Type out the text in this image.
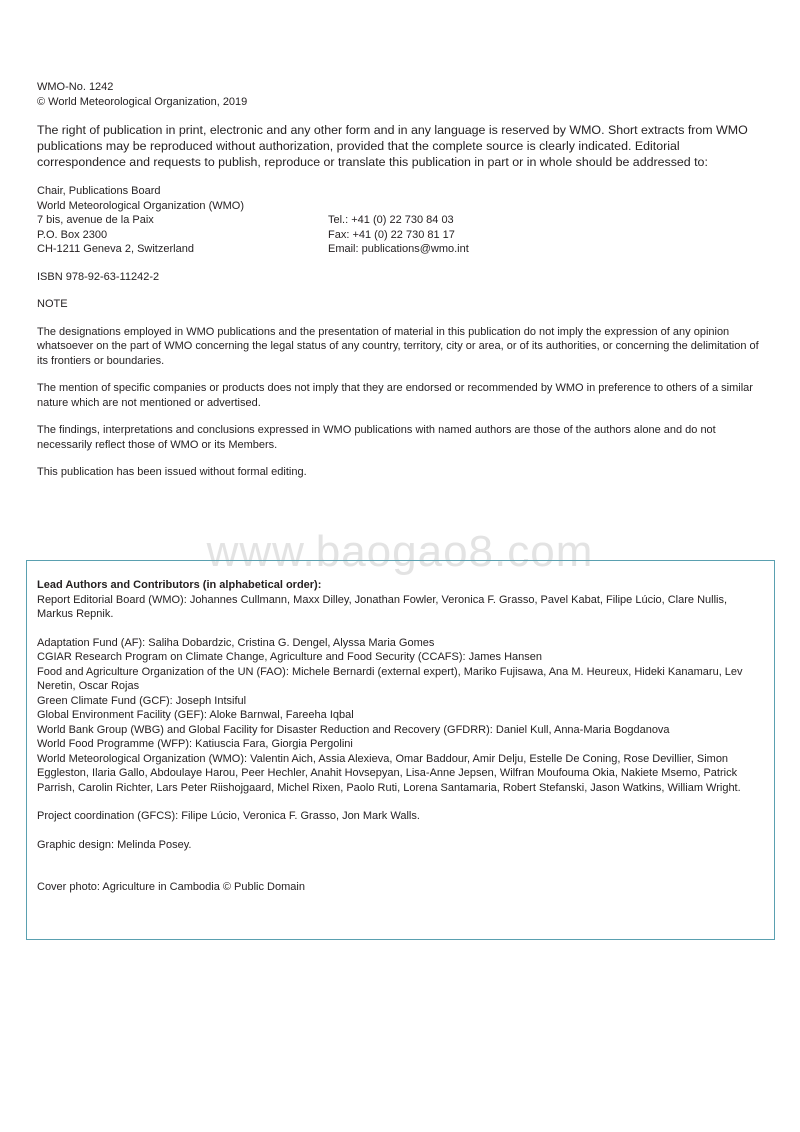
WMO-No. 1242

© World Meteorological Organization, 2019

The right of publication in print, electronic and any other form and in any language is reserved by WMO. Short extracts from WMO publications may be reproduced without authorization, provided that the complete source is clearly indicated. Editorial correspondence and requests to publish, reproduce or translate this publication in part or in whole should be addressed to:

Chair, Publications Board
World Meteorological Organization (WMO)
7 bis, avenue de la Paix	Tel.: +41 (0) 22 730 84 03
P.O. Box 2300	Fax: +41 (0) 22 730 81 17
CH-1211 Geneva 2, Switzerland	Email: publications@wmo.int

ISBN 978-92-63-11242-2

NOTE

The designations employed in WMO publications and the presentation of material in this publication do not imply the expression of any opinion whatsoever on the part of WMO concerning the legal status of any country, territory, city or area, or of its authorities, or concerning the delimitation of its frontiers or boundaries.

The mention of specific companies or products does not imply that they are endorsed or recommended by WMO in preference to others of a similar nature which are not mentioned or advertised.

The findings, interpretations and conclusions expressed in WMO publications with named authors are those of the authors alone and do not necessarily reflect those of WMO or its Members.

This publication has been issued without formal editing.

www.baogao8.com

Lead Authors and Contributors (in alphabetical order):

Report Editorial Board (WMO): Johannes Cullmann, Maxx Dilley, Jonathan Fowler, Veronica F. Grasso, Pavel Kabat, Filipe Lúcio, Clare Nullis, Markus Repnik.

Adaptation Fund (AF): Saliha Dobardzic, Cristina G. Dengel, Alyssa Maria Gomes

CGIAR Research Program on Climate Change, Agriculture and Food Security (CCAFS): James Hansen

Food and Agriculture Organization of the UN (FAO): Michele Bernardi (external expert), Mariko Fujisawa, Ana M. Heureux, Hideki Kanamaru, Lev Neretin, Oscar Rojas

Green Climate Fund (GCF): Joseph Intsiful

Global Environment Facility (GEF): Aloke Barnwal, Fareeha Iqbal

World Bank Group (WBG) and Global Facility for Disaster Reduction and Recovery (GFDRR): Daniel Kull, Anna-Maria Bogdanova

World Food Programme (WFP): Katiuscia Fara, Giorgia Pergolini

World Meteorological Organization (WMO): Valentin Aich, Assia Alexieva, Omar Baddour, Amir Delju, Estelle De Coning, Rose Devillier, Simon Eggleston, Ilaria Gallo, Abdoulaye Harou, Peer Hechler, Anahit Hovsepyan, Lisa-Anne Jepsen, Wilfran Moufouma Okia, Nakiete Msemo, Patrick Parrish, Carolin Richter, Lars Peter Riishojgaard, Michel Rixen, Paolo Ruti, Lorena Santamaria, Robert Stefanski, Jason Watkins, William Wright.

Project coordination (GFCS): Filipe Lúcio, Veronica F. Grasso, Jon Mark Walls.

Graphic design: Melinda Posey.

Cover photo: Agriculture in Cambodia © Public Domain
